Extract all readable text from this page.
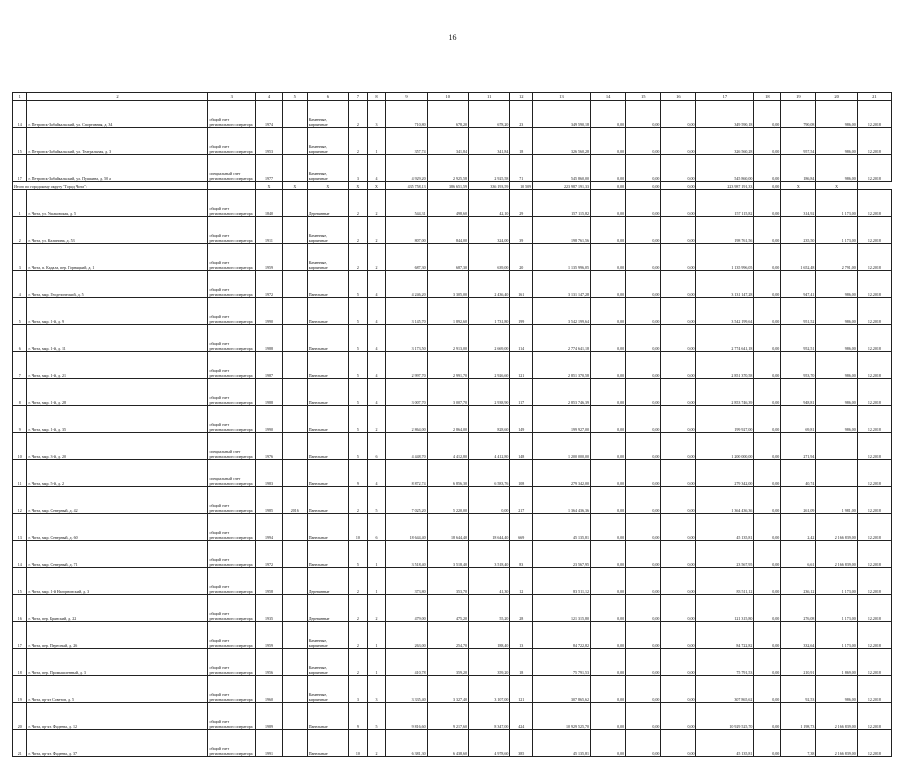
16
1	2	3	4	5	6	7	8	9	10	11	12	13	14	15	16	17	18	19	20	21
14	г. Петровск-Забайкальский, ул. Спортивная, д. 34	общий счет регионального оператора	1974		Каменные, кирпичные	2	3	710,80	678,20	678,20	23	349 590,18	0,00	0,00	0,00	349 590,18	0,00	790,08	986,00	12.2018
15	г. Петровск-Забайкальский, ул. Театральная, д. 3	общий счет регионального оператора	1953		Каменные, кирпичные	2	1	357,74	341,84	341,84	18	326 560,28	0,00	0,00	0,00	326 560,28	0,00	957,54	986,00	12.2018
17	г. Петровск-Забайкальский, ул. Пушкина, д. 50 а	специальный счет регионального оператора	1977		Каменные, кирпичные	3	4	4 929,20	2 925,58	2 925,58	71	545 860,00	0,00	0,00	0,00	545 860,00	0,00	186,84	986,00	12.2018
Итого по городскому округу "Город Чита":			X	X	X	X	X	435 758,13	386 651,59	336 193,59	10 509	223 987 191,33	0,00	0,00	0,00	223 987 191,33	0,00	X	X	
1	г. Чита, ул. Ушаковская, д. 5	общий счет регионального оператора	1840		Деревянные	2	2	544,31	498,60	42,10	29	157 115,82	0,00	0,00	0,00	157 115,82	0,00	314,92	1 173,00	12.2018
2	г. Чита, ул. Калинина, д. 53	общий счет регионального оператора	1911		Каменные, кирпичные	2	2	807,00	844,00	324,00	39	198 761,56	0,00	0,00	0,00	198 761,56	0,00	235,50	1 173,00	12.2018
3	г. Чита, п. Кадала, пер. Горняцкий, д. 1	общий счет регионального оператора	1959		Каменные, кирпичные	2	2	687,30	687,30	639,00	20	1 135 996,05	0,00	0,00	0,00	1 135 996,05	0,00	1 652,48	2 791,00	12.2018
4	г. Чита, мкр. Геодезический, д. 5	общий счет регионального оператора	1972		Панельные	5	4	4 246,20	3 305,00	2 436,40	161	3 131 147,28	0,00	0,00	0,00	3 131 147,28	0,00	947,41	986,00	12.2018
5	г. Чита, мкр. 1-й, д. 9	общий счет регионального оператора	1990		Панельные	5	4	3 145,70	1 892,60	1 731,80	199	3 542 199,64	0,00	0,00	0,00	3 542 199,64	0,00	951,52	986,00	12.2018
6	г. Чита, мкр. 1-й, д. 11	общий счет регионального оператора	1988		Панельные	5	4	3 173,50	2 913,00	2 669,00	114	2 774 641,18	0,00	0,00	0,00	2 774 641,18	0,00	952,51	986,00	12.2018
7	г. Чита, мкр. 1-й, д. 21	общий счет регионального оператора	1987		Панельные	5	4	2 997,70	2 991,70	2 926,60	121	2 851 370,58	0,00	0,00	0,00	2 851 370,58	0,00	953,70	986,00	12.2018
8	г. Чита, мкр. 1-й, д. 28	общий счет регионального оператора	1988		Панельные	5	4	3 007,70	3 007,70	2 938,90	117	2 853 746,39	0,00	0,00	0,00	2 853 746,39	0,00	948,81	986,00	12.2018
9	г. Чита, мкр. 1-й, д. 35	общий счет регионального оператора	1990		Панельные	5	2	2 864,00	2 864,00	828,60	149	199 927,00	0,00	0,00	0,00	199 927,00	0,00	69,81	986,00	12.2018
10	г. Чита, мкр. 3-й, д. 20	специальный счет регионального оператора	1976		Панельные	5	6	4 448,70	4 412,80	4 412,80	148	1 200 000,00	0,00	0,00	0,00	1 200 000,00	0,00	271,94		12.2018
11	г. Чита, мкр. 5-й, д. 2	специальный счет регионального оператора	1983		Панельные	9	4	8 872,74	6 856,30	6 583,76	108	279 342,00	0,00	0,00	0,00	279 342,00	0,00	40,74		12.2018
12	г. Чита, мкр. Северный, д. 42	общий счет регионального оператора	1985	2016	Панельные	2	5	7 025,20	5 220,00	0,00	217	1 364 436,36	0,00	0,00	0,00	1 364 436,36	0,00	261,09	1 981,00	12.2018
13	г. Чита, мкр. Северный, д. 60	общий счет регионального оператора	1994		Панельные	10	6	18 644,40	18 644,40	18 644,40	669	45 135,81	0,00	0,00	0,00	45 135,81	0,00	2,42	2 166 839,00	12.2018
14	г. Чита, мкр. Северный, д. 71	общий счет регионального оператора	1972		Панельные	5	1	3 518,40	3 518,40	3 518,40	83	23 567,95	0,00	0,00	0,00	23 567,95	0,00	6,61	2 166 839,00	12.2018
15	г. Чита, мкр. 1-й Нагорновский, д. 3	общий счет регионального оператора	1958		Деревянные	2	1	373,80	353,70	41,30	12	83 511,12	0,00	0,00	0,00	83 511,12	0,00	236,12	1 173,00	12.2018
16	г. Чита, пер. Брянский, д. 22	общий счет регионального оператора	1935		Деревянные	2	2	479,00	475,20	55,20	28	121 315,80	0,00	0,00	0,00	121 315,80	0,00	276,08	1 173,00	12.2018
17	г. Чита, пер. Пересный, д. 26	общий счет регионального оператора	1959		Каменные, кирпичные	2	1	263,00	254,70	188,40	13	84 722,82	0,00	0,00	0,00	84 722,82	0,00	332,64	1 173,00	12.2018
18	г. Чита, пер. Промышленный, д. 3	общий счет регионального оператора	1956		Каменные, кирпичные	2	1	410,78	359,20	359,20	18	75 791,53	0,00	0,00	0,00	75 791,53	0,00	210,91	1 869,00	12.2018
19	г. Чита, пр-кт Советов, д. 5	общий счет регионального оператора	1960		Каменные, кирпичные	3	3	3 335,40	3 327,40	3 107,00	121	307 865,62	0,00	0,00	0,00	307 865,62	0,00	92,53	986,00	12.2018
20	г. Чита, пр-кт. Фадеева, д. 12	общий счет регионального оператора	1989		Панельные	9	5	9 816,60	9 217,60	8 347,00	424	10 929 525,70	0,00	0,00	0,00	10 929 525,70	0,00	1 198,73	2 166 839,00	12.2018
21	г. Чита, пр-кт. Фадеева, д. 37	общий счет регионального оператора	1991		Панельные	10	2	6 381,30	6 438,60	4 978,60	385	45 135,81	0,00	0,00	0,00	45 135,81	0,00	7,38	2 166 839,00	12.2018
